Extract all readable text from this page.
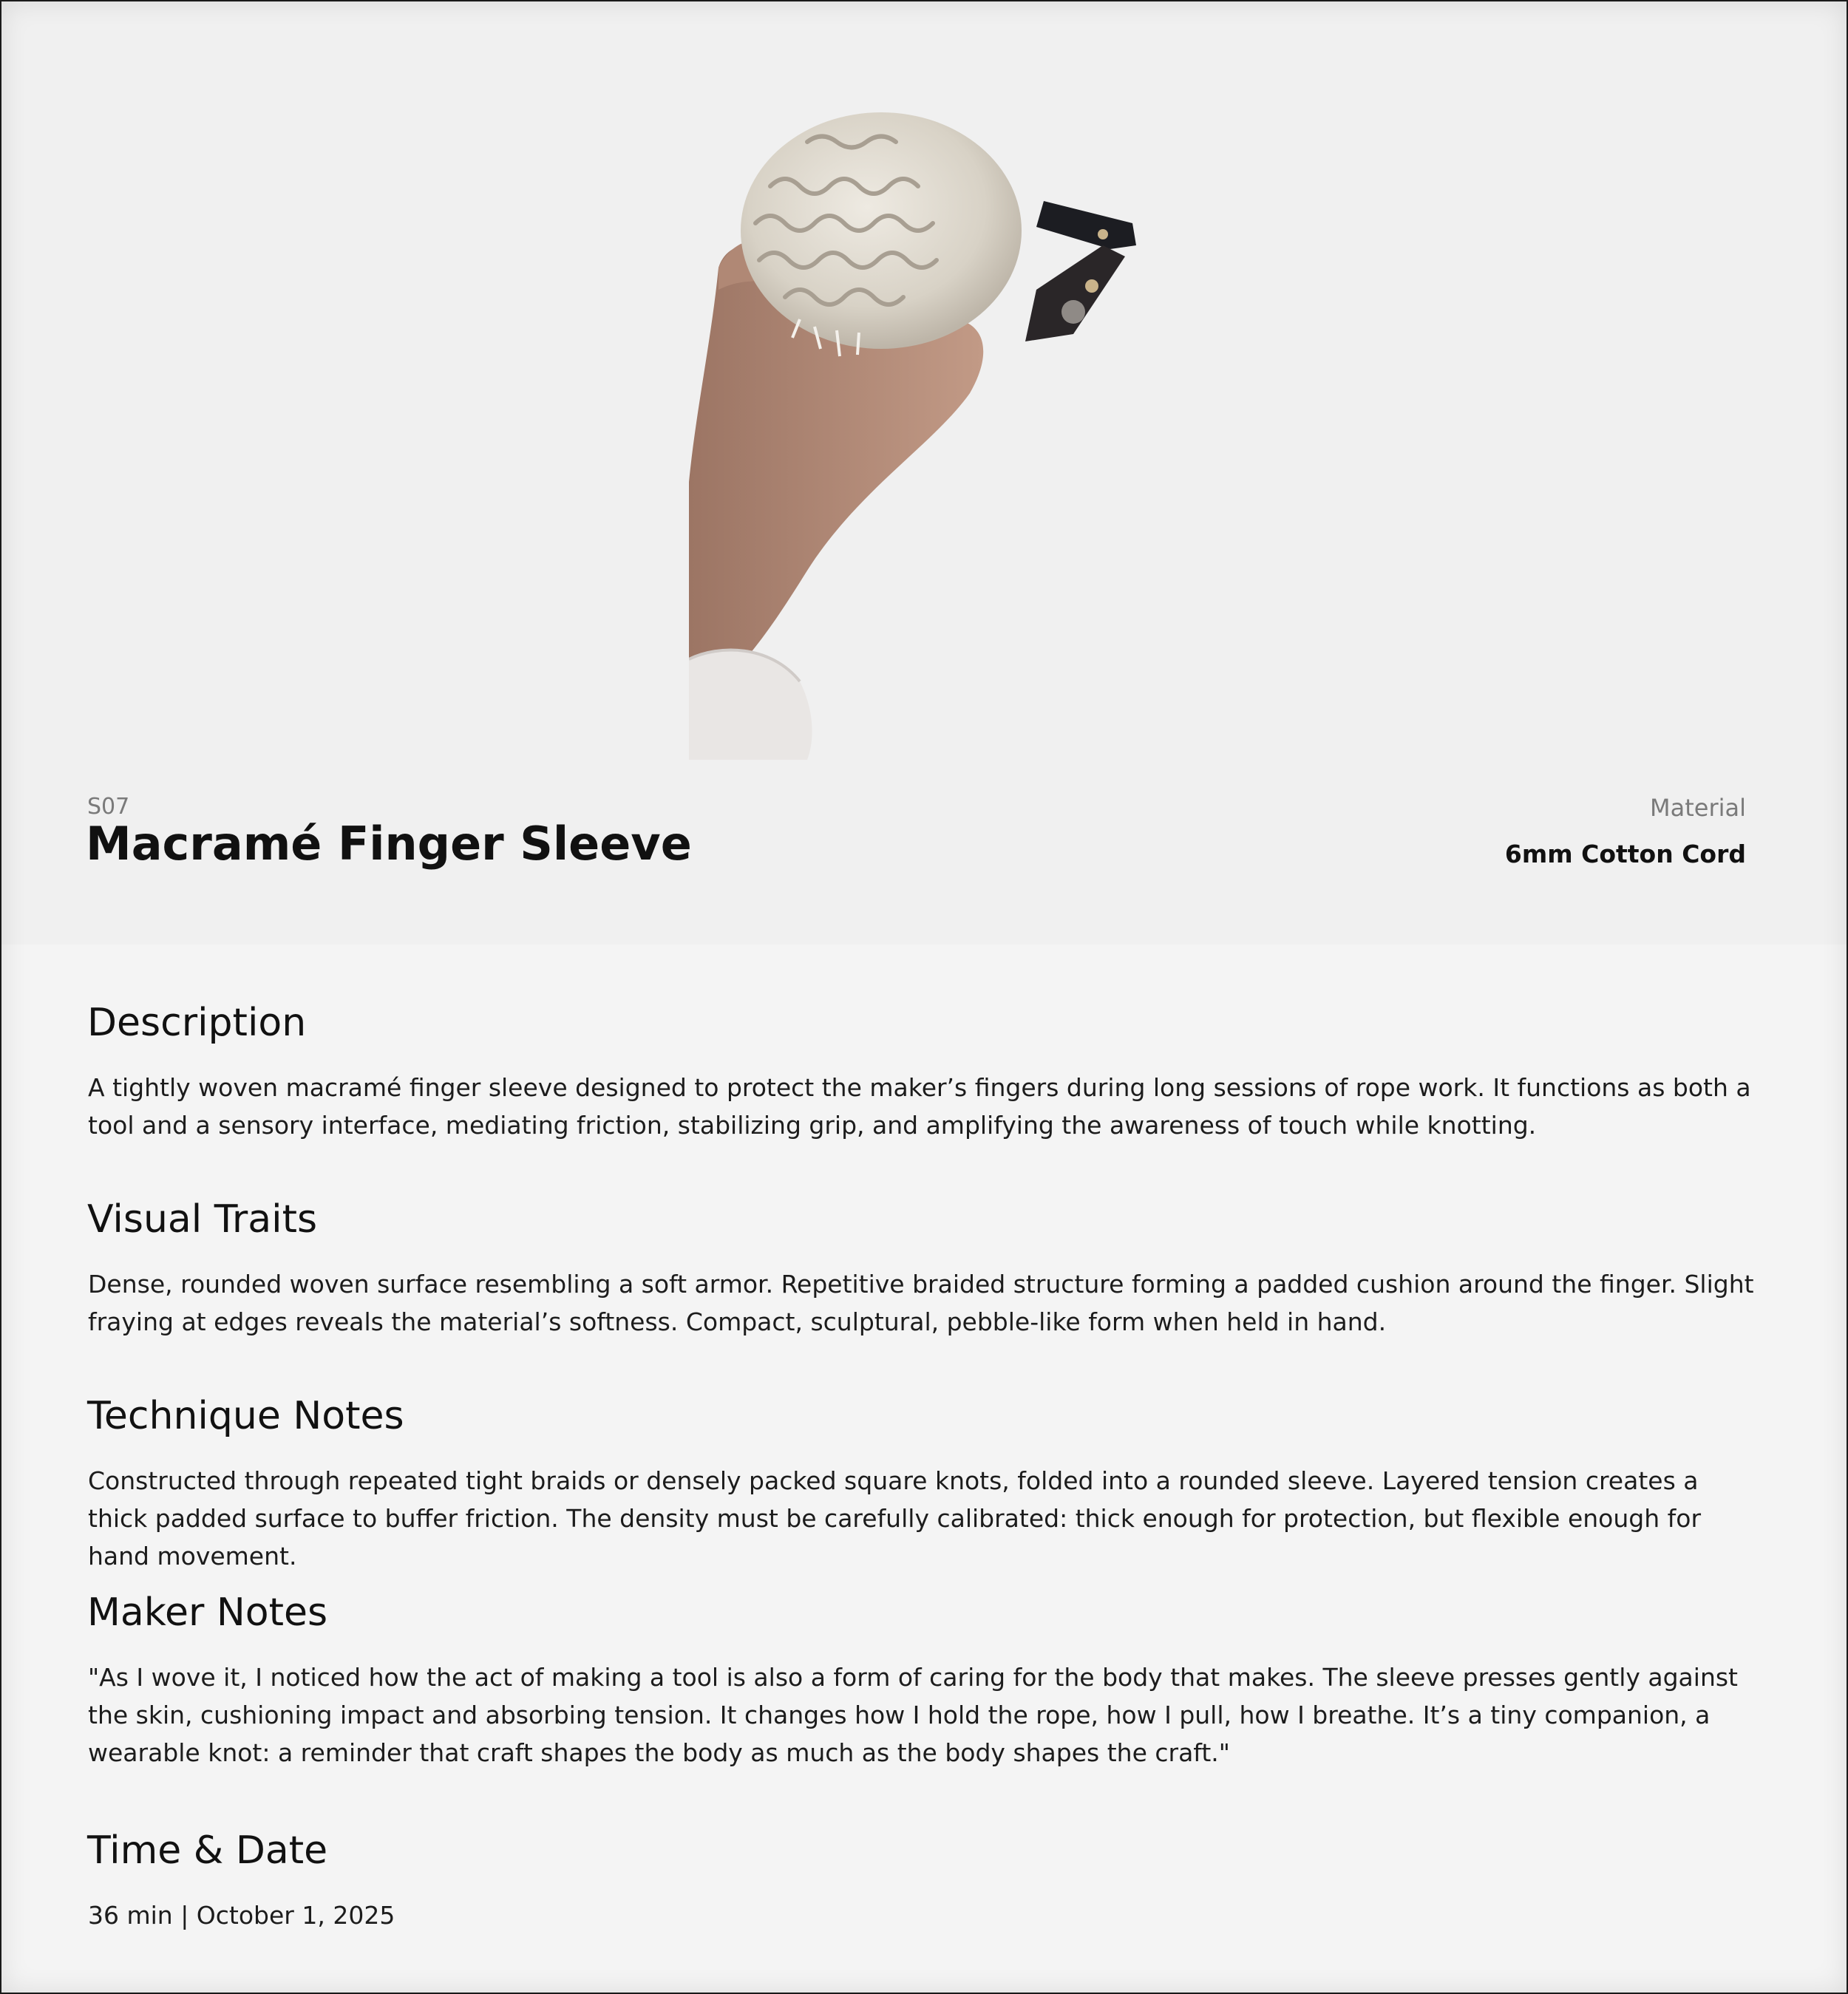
S07
Macramé Finger Sleeve
Material
6mm Cotton Cord
Description

A tightly woven macramé finger sleeve designed to protect the maker’s fingers during long sessions of rope work. It functions as both a tool and a sensory interface, mediating friction, stabilizing grip, and amplifying the awareness of touch while knotting.

Visual Traits

Dense, rounded woven surface resembling a soft armor. Repetitive braided structure forming a padded cushion around the finger. Slight fraying at edges reveals the material’s softness. Compact, sculptural, pebble-like form when held in hand.

Technique Notes

Constructed through repeated tight braids or densely packed square knots, folded into a rounded sleeve. Layered tension creates a thick padded surface to buffer friction. The density must be carefully calibrated: thick enough for protection, but flexible enough for hand movement.

Maker Notes

"As I wove it, I noticed how the act of making a tool is also a form of caring for the body that makes. The sleeve presses gently against the skin, cushioning impact and absorbing tension. It changes how I hold the rope, how I pull, how I breathe. It’s a tiny companion, a wearable knot: a reminder that craft shapes the body as much as the body shapes the craft."

Time & Date

36 min | October 1, 2025
